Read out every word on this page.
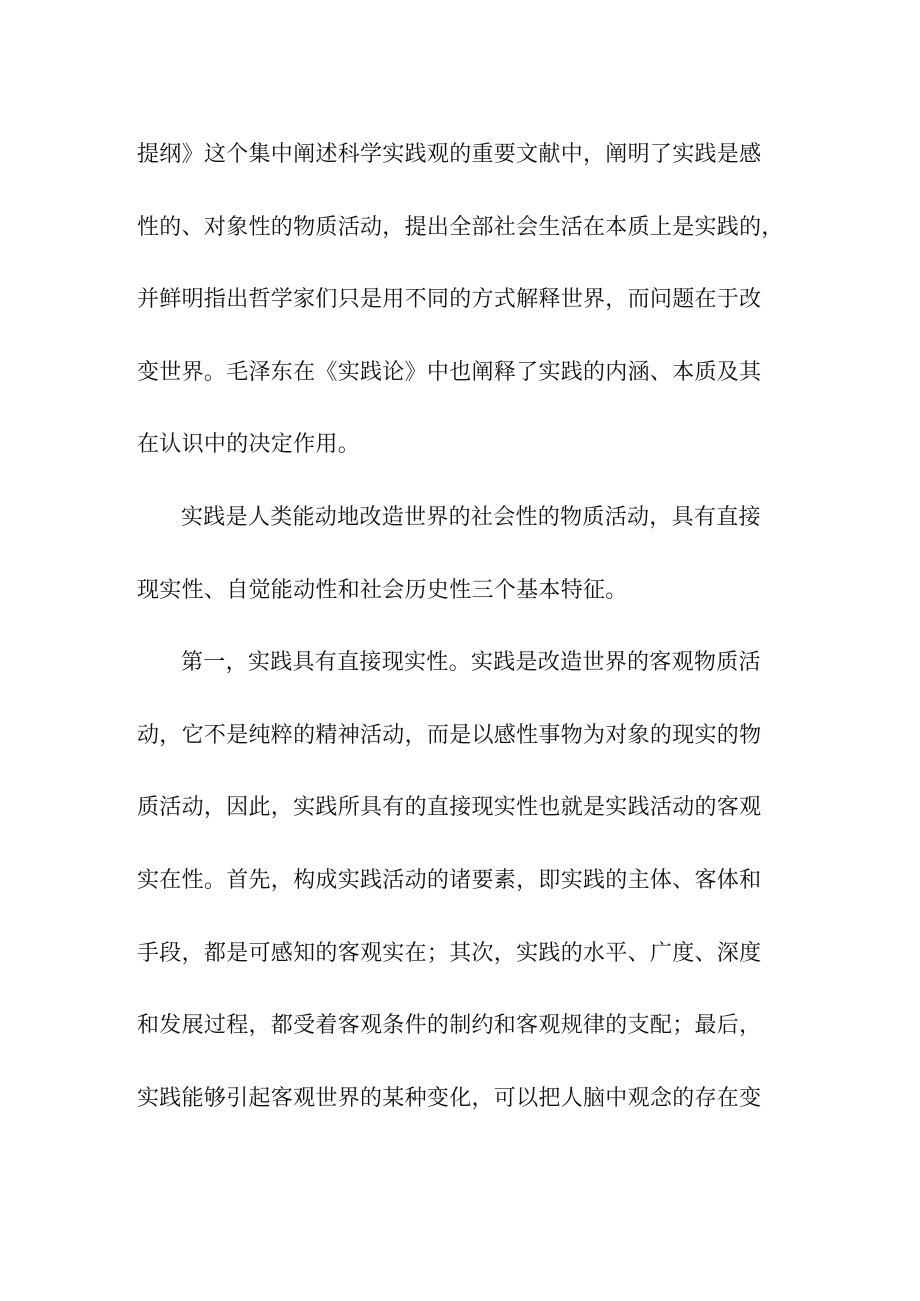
提纲》这个集中阐述科学实践观的重要文献中，阐明了实践是感
性的、对象性的物质活动，提出全部社会生活在本质上是实践的，
并鲜明指出哲学家们只是用不同的方式解释世界，而问题在于改
变世界。毛泽东在《实践论》中也阐释了实践的内涵、本质及其
在认识中的决定作用。
实践是人类能动地改造世界的社会性的物质活动，具有直接
现实性、自觉能动性和社会历史性三个基本特征。
第一，实践具有直接现实性。实践是改造世界的客观物质活
动，它不是纯粹的精神活动，而是以感性事物为对象的现实的物
质活动，因此，实践所具有的直接现实性也就是实践活动的客观
实在性。首先，构成实践活动的诸要素，即实践的主体、客体和
手段，都是可感知的客观实在；其次，实践的水平、广度、深度
和发展过程，都受着客观条件的制约和客观规律的支配；最后，
实践能够引起客观世界的某种变化，可以把人脑中观念的存在变
